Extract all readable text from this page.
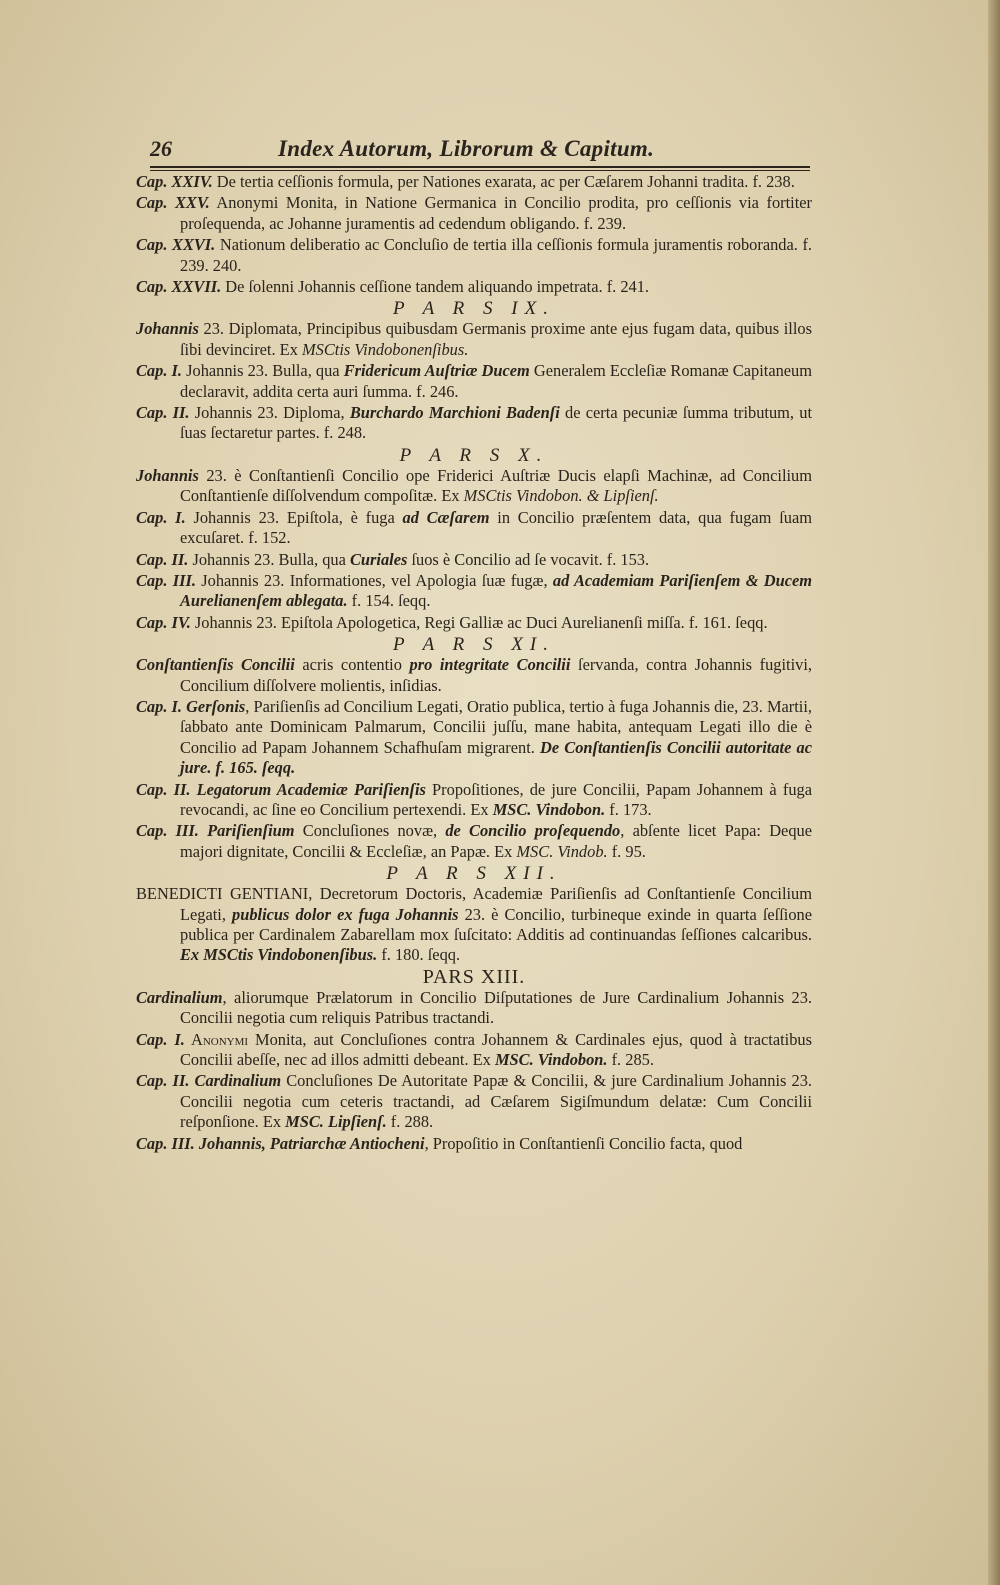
26	Index Autorum, Librorum & Capitum.

Cap. XXIV. De tertia ceſſionis formula, per Nationes exarata, ac per Cæſarem Johanni tradita. f. 238.

Cap. XXV. Anonymi Monita, in Natione Germanica in Concilio prodita, pro ceſſionis via fortiter proſequenda, ac Johanne juramentis ad cedendum obligando. f. 239.

Cap. XXVI. Nationum deliberatio ac Concluſio de tertia illa ceſſionis formula juramentis roboranda. f. 239. 240.

Cap. XXVII. De ſolenni Johannis ceſſione tandem aliquando impetrata. f. 241.

P A R S IX.

Johannis 23. Diplomata, Principibus quibusdam Germanis proxime ante ejus fugam data, quibus illos ſibi devinciret. Ex MSCtis Vindobonenſibus.

Cap. I. Johannis 23. Bulla, qua Fridericum Auſtriæ Ducem Generalem Eccleſiæ Romanæ Capitaneum declaravit, addita certa auri ſumma. f. 246.

Cap. II. Johannis 23. Diploma, Burchardo Marchioni Badenſi de certa pecuniæ ſumma tributum, ut ſuas ſectaretur partes. f. 248.

P A R S X.

Johannis 23. è Conſtantienſi Concilio ope Friderici Auſtriæ Ducis elapſi Machinæ, ad Concilium Conſtantienſe diſſolvendum compoſitæ. Ex MSCtis Vindobon. & Lipſienſ.

Cap. I. Johannis 23. Epiſtola, è fuga ad Cæſarem in Concilio præſentem data, qua fugam ſuam excuſaret. f. 152.

Cap. II. Johannis 23. Bulla, qua Curiales ſuos è Concilio ad ſe vocavit. f. 153.

Cap. III. Johannis 23. Informationes, vel Apologia ſuæ fugæ, ad Academiam Pariſienſem & Ducem Aurelianenſem ablegata. f. 154. ſeqq.

Cap. IV. Johannis 23. Epiſtola Apologetica, Regi Galliæ ac Duci Aurelianenſi miſſa. f. 161. ſeqq.

P A R S XI.

Conſtantienſis Concilii acris contentio pro integritate Concilii ſervanda, contra Johannis fugitivi, Concilium diſſolvere molientis, inſidias.

Cap. I. Gerſonis, Pariſienſis ad Concilium Legati, Oratio publica, tertio à fuga Johannis die, 23. Martii, ſabbato ante Dominicam Palmarum, Concilii juſſu, mane habita, antequam Legati illo die è Concilio ad Papam Johannem Schafhuſam migrarent. De Conſtantienſis Concilii autoritate ac jure. f. 165. ſeqq.

Cap. II. Legatorum Academiæ Pariſienſis Propoſitiones, de jure Concilii, Papam Johannem à fuga revocandi, ac ſine eo Concilium pertexendi. Ex MSC. Vindobon. f. 173.

Cap. III. Pariſienſium Concluſiones novæ, de Concilio proſequendo, abſente licet Papa: Deque majori dignitate, Concilii & Eccleſiæ, an Papæ. Ex MSC. Vindob. f. 95.

P A R S XII.

BENEDICTI GENTIANI, Decretorum Doctoris, Academiæ Pariſienſis ad Conſtantienſe Concilium Legati, publicus dolor ex fuga Johannis 23. è Concilio, turbineque exinde in quarta ſeſſione publica per Cardinalem Zabarellam mox ſuſcitato: Additis ad continuandas ſeſſiones calcaribus. Ex MSCtis Vindobonenſibus. f. 180. ſeqq.

PARS XIII.

Cardinalium, aliorumque Prælatorum in Concilio Diſputationes de Jure Cardinalium Johannis 23. Concilii negotia cum reliquis Patribus tractandi.

Cap. I. Anonymi Monita, aut Concluſiones contra Johannem & Cardinales ejus, quod à tractatibus Concilii abeſſe, nec ad illos admitti debeant. Ex MSC. Vindobon. f. 285.

Cap. II. Cardinalium Concluſiones De Autoritate Papæ & Concilii, & jure Cardinalium Johannis 23. Concilii negotia cum ceteris tractandi, ad Cæſarem Sigiſmundum delatæ: Cum Concilii reſponſione. Ex MSC. Lipſienſ. f. 288.

Cap. III. Johannis, Patriarchæ Antiocheni, Propoſitio in Conſtantienſi Concilio facta, quod
